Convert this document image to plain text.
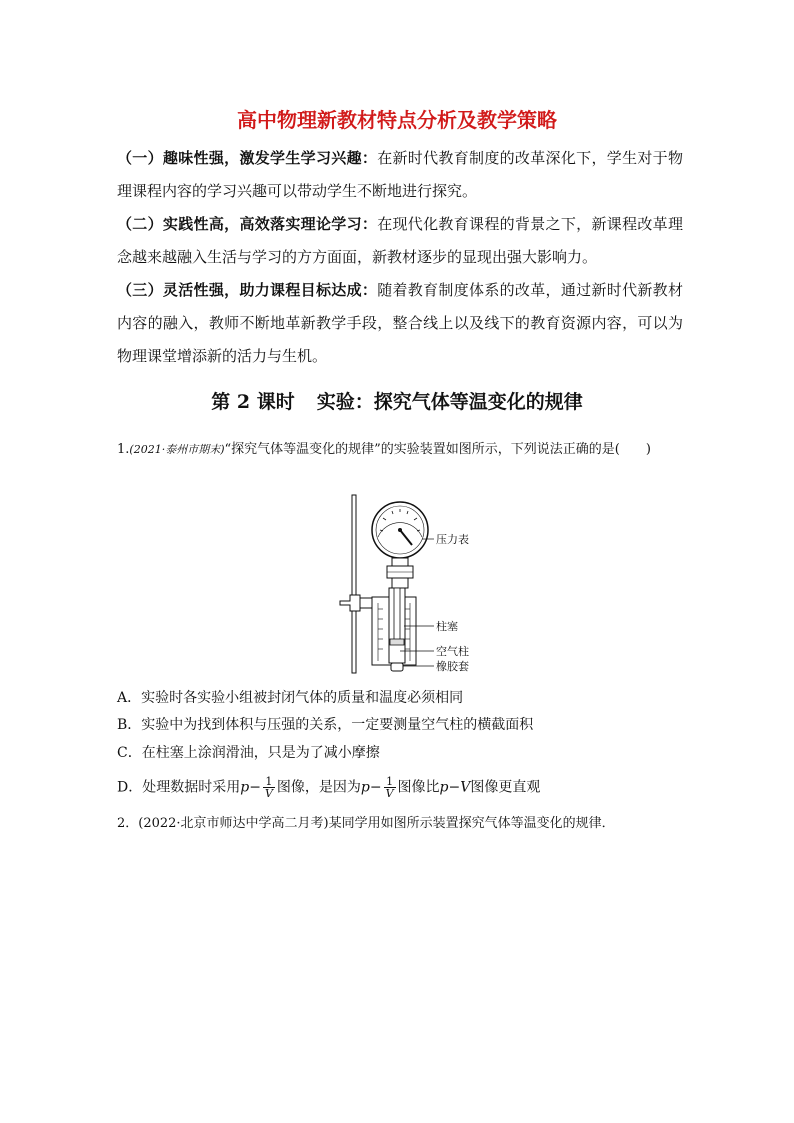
高中物理新教材特点分析及教学策略
（一）趣味性强，激发学生学习兴趣：在新时代教育制度的改革深化下，学生对于物理课程内容的学习兴趣可以带动学生不断地进行探究。
（二）实践性高，高效落实理论学习：在现代化教育课程的背景之下，新课程改革理念越来越融入生活与学习的方方面面，新教材逐步的显现出强大影响力。
（三）灵活性强，助力课程目标达成：随着教育制度体系的改革，通过新时代新教材内容的融入，教师不断地革新教学手段，整合线上以及线下的教育资源内容，可以为物理课堂增添新的活力与生机。
第 2 课时 实验：探究气体等温变化的规律
1.(2021·泰州市期末)“探究气体等温变化的规律”的实验装置如图所示，下列说法正确的是(　　)
压力表
柱塞
空气柱
橡胶套
A．实验时各实验小组被封闭气体的质量和温度必须相同
B．实验中为找到体积与压强的关系，一定要测量空气柱的横截面积
C．在柱塞上涂润滑油，只是为了减小摩擦
D．处理数据时采用$p- \frac{1}{V}$ 图像，是因为$p- \frac{1}{V}$ 图像比p−V图像更直观
2．(2022·北京市师达中学高二月考)某同学用如图所示装置探究气体等温变化的规律．
